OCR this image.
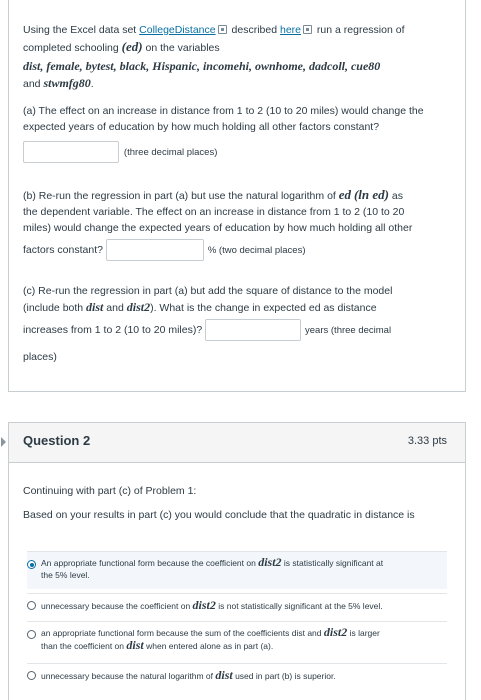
Using the Excel data set CollegeDistance described here run a regression of

completed schooling (ed) on the variables

dist, female, bytest, black, Hispanic, incomehi, ownhome, dadcoll, cue80

and stwmfg80.

(a) The effect on an increase in distance from 1 to 2 (10 to 20 miles) would change the

expected years of education by how much holding all other factors constant?

(three decimal places)

(b) Re-run the regression in part (a) but use the natural logarithm of ed (ln ed) as

the dependent variable. The effect on an increase in distance from 1 to 2 (10 to 20

miles) would change the expected years of education by how much holding all other

factors constant?	% (two decimal places)

(c) Re-run the regression in part (a) but add the square of distance to the model

(include both dist and dist2). What is the change in expected ed as distance

increases from 1 to 2 (10 to 20 miles)?	years (three decimal

places)

Question 2	3.33 pts

Continuing with part (c) of Problem 1:

Based on your results in part (c) you would conclude that the quadratic in distance is

An appropriate functional form because the coefficient on dist2 is statistically significant at
the 5% level.
unnecessary because the coefficient on dist2 is not statistically significant at the 5% level.
an appropriate functional form because the sum of the coefficients dist and dist2 is larger
than the coefficient on dist when entered alone as in part (a).
unnecessary because the natural logarithm of dist used in part (b) is superior.
